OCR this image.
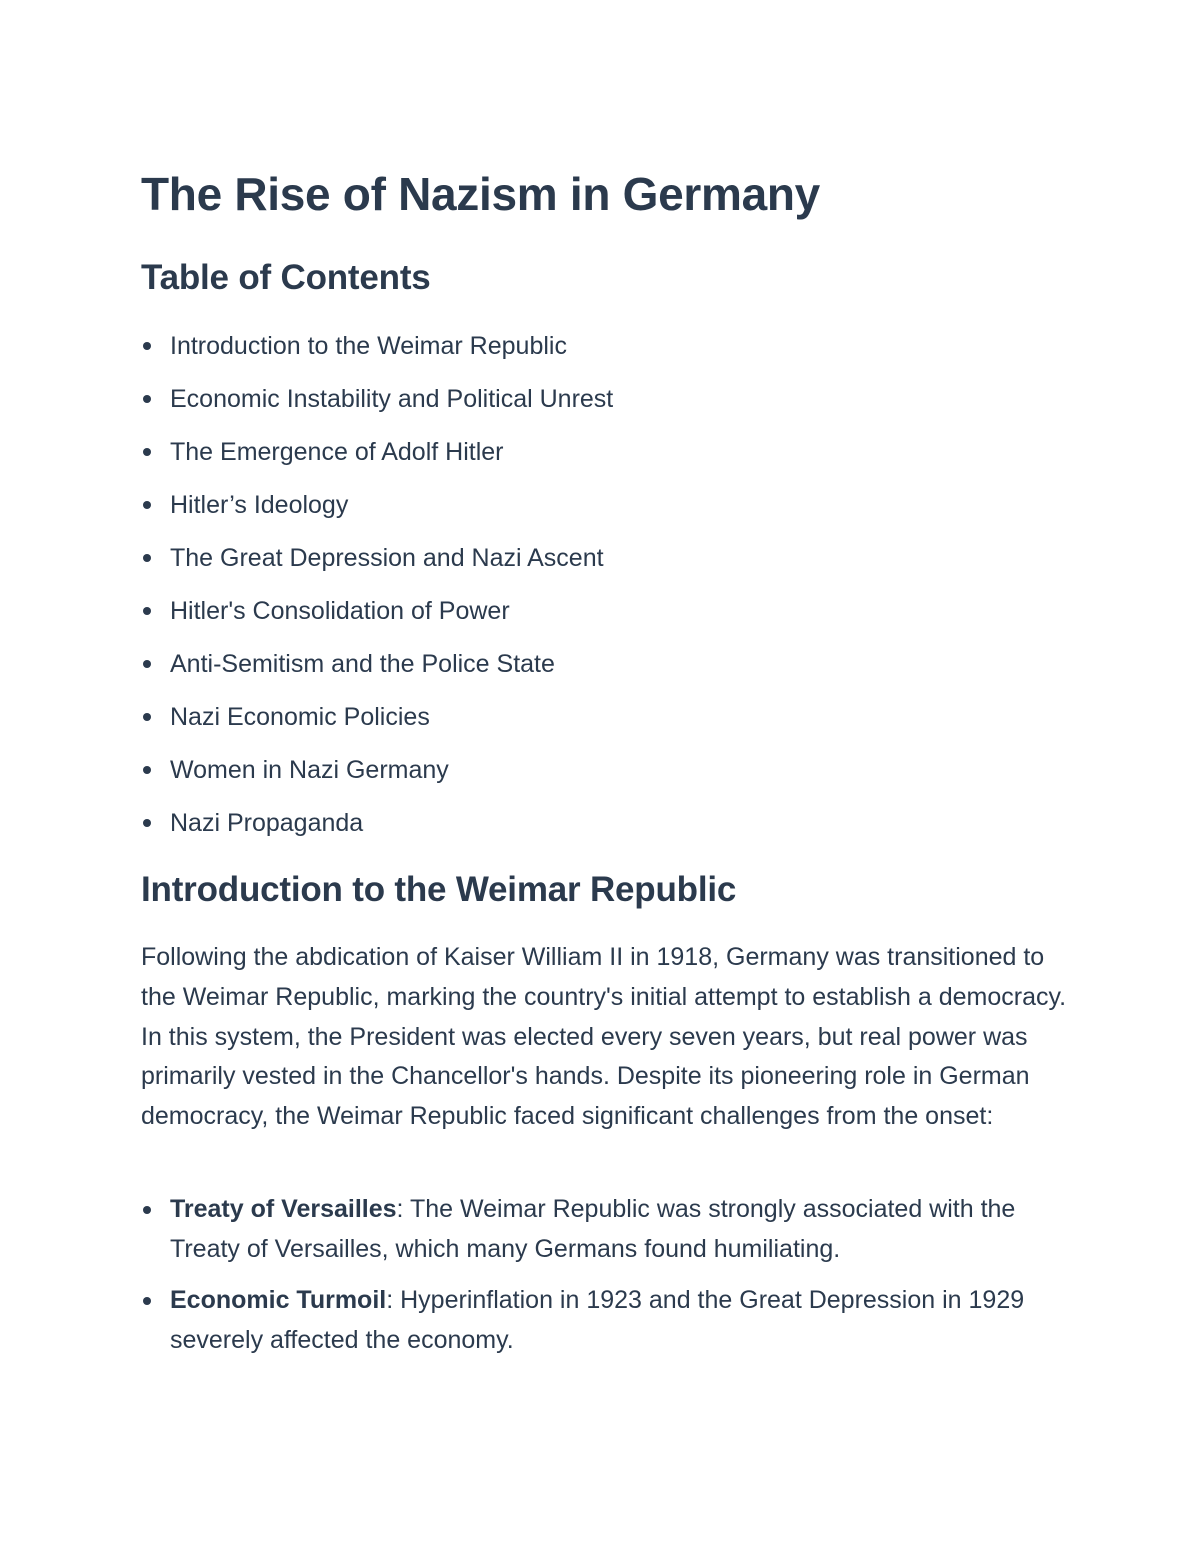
The Rise of Nazism in Germany
Table of Contents
Introduction to the Weimar Republic
Economic Instability and Political Unrest
The Emergence of Adolf Hitler
Hitler’s Ideology
The Great Depression and Nazi Ascent
Hitler's Consolidation of Power
Anti-Semitism and the Police State
Nazi Economic Policies
Women in Nazi Germany
Nazi Propaganda
Introduction to the Weimar Republic

Following the abdication of Kaiser William II in 1918, Germany was transitioned to the Weimar Republic, marking the country's initial attempt to establish a democracy. In this system, the President was elected every seven years, but real power was primarily vested in the Chancellor's hands. Despite its pioneering role in German democracy, the Weimar Republic faced significant challenges from the onset:

Treaty of Versailles: The Weimar Republic was strongly associated with the Treaty of Versailles, which many Germans found humiliating.
Economic Turmoil: Hyperinflation in 1923 and the Great Depression in 1929 severely affected the economy.
